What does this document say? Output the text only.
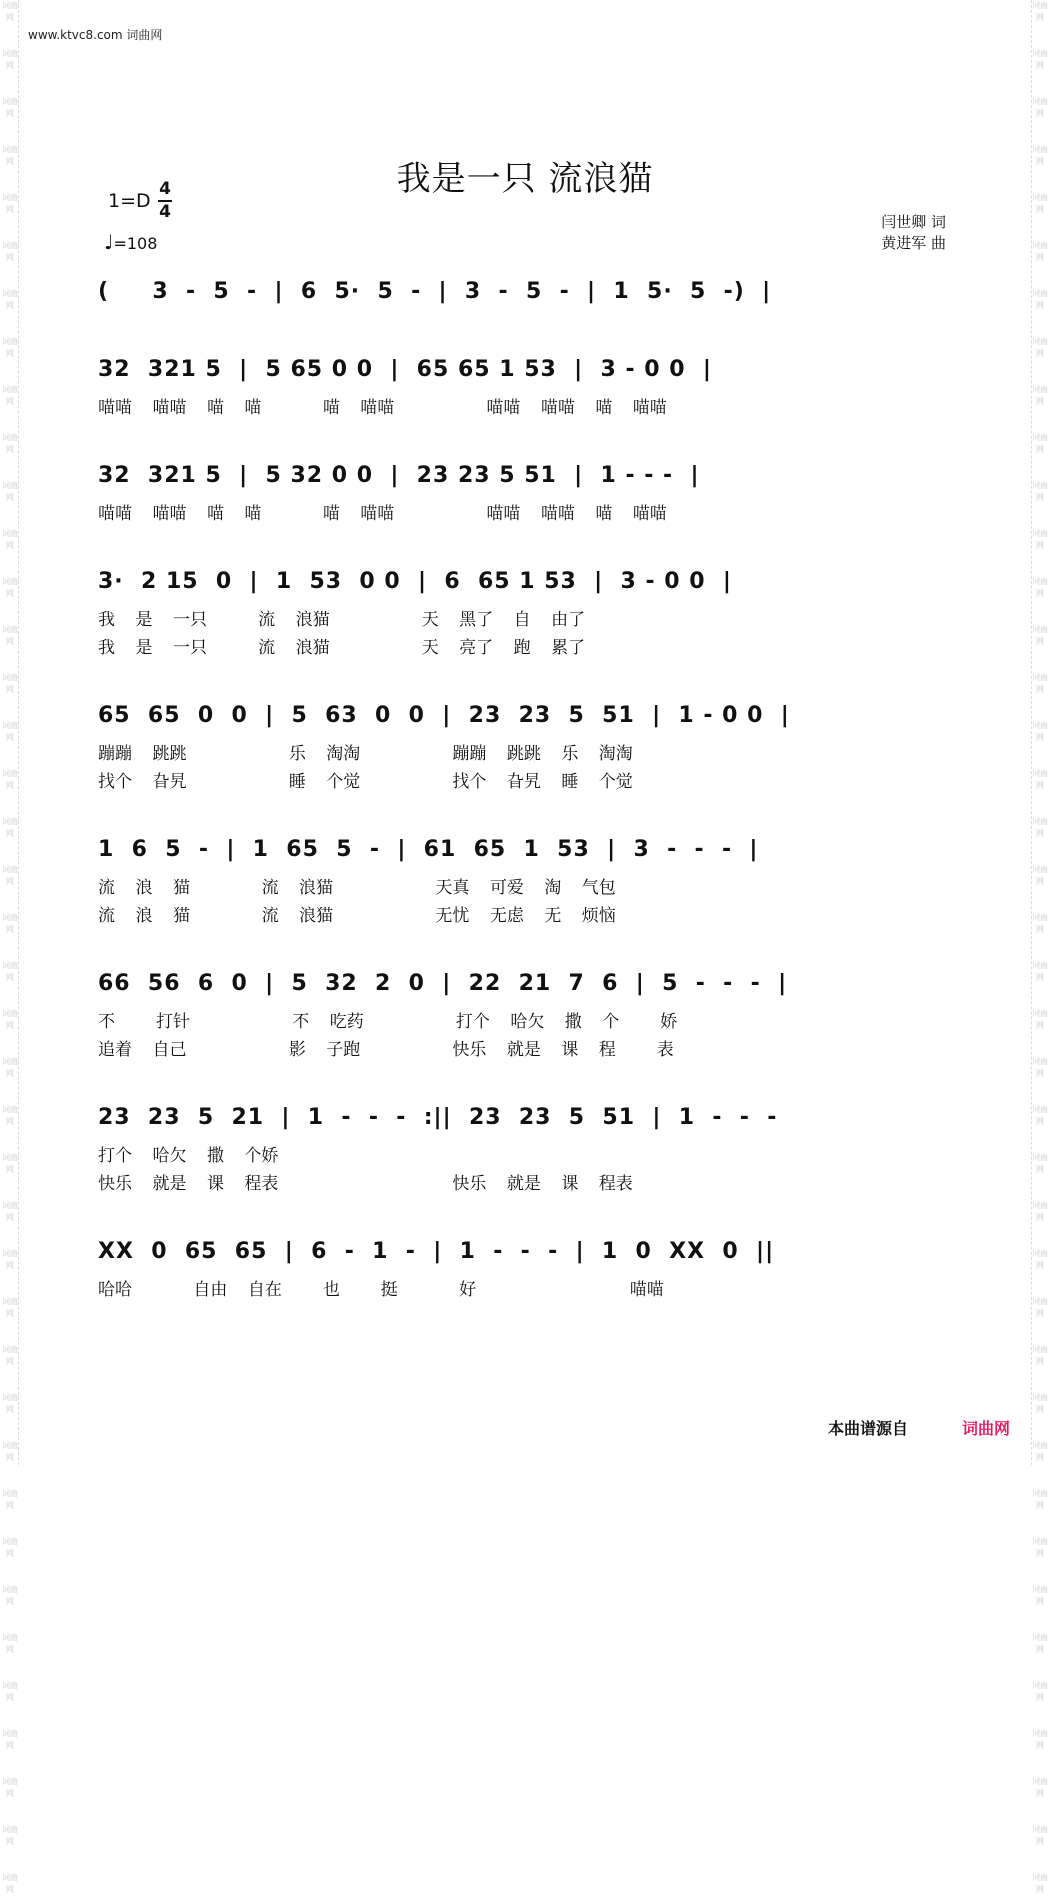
词曲网
词曲网
词曲网
词曲网
词曲网
词曲网
词曲网
词曲网
词曲网
词曲网
词曲网
词曲网
词曲网
词曲网
词曲网
词曲网
词曲网
词曲网
词曲网
词曲网
词曲网
词曲网
词曲网
词曲网
词曲网
词曲网
词曲网
词曲网
词曲网
词曲网
词曲网
词曲网
词曲网
词曲网
词曲网
词曲网
词曲网
词曲网
词曲网
词曲网
词曲网
词曲网
词曲网
词曲网
词曲网
词曲网
词曲网
词曲网
词曲网
词曲网
词曲网
词曲网
词曲网
词曲网
词曲网
词曲网
词曲网
词曲网
词曲网
词曲网
词曲网
词曲网
词曲网
词曲网
词曲网
词曲网
词曲网
词曲网
词曲网
词曲网
词曲网
词曲网
词曲网
词曲网
词曲网
词曲网
词曲网
词曲网
词曲网
词曲网
www.ktvc8.com 词曲网
我是一只 流浪猫
1=D
4
4
♩=108
闫世卿 词
黄进军 曲
(     3  -  5  -  |  6  5·  5  -  |  3  -  5  -  |  1  5·  5  -)  |
32  321 5  |  5 65 0 0  |  65 65 1 53  |  3 - 0 0  |
喵喵  喵喵  喵  喵      喵  喵喵         喵喵  喵喵  喵  喵喵
32  321 5  |  5 32 0 0  |  23 23 5 51  |  1 - - -  |
喵喵  喵喵  喵  喵      喵  喵喵         喵喵  喵喵  喵  喵喵
3·  2 15  0  |  1  53  0 0  |  6  65 1 53  |  3 - 0 0  |
我  是  一只     流  浪猫         天  黑了  自  由了
我  是  一只     流  浪猫         天  亮了  跑  累了
65  65  0  0  |  5  63  0  0  |  23  23  5  51  |  1 - 0 0  |
蹦蹦  跳跳          乐  淘淘         蹦蹦  跳跳  乐  淘淘
找个  旮旯          睡  个觉         找个  旮旯  睡  个觉
1  6  5  -  |  1  65  5  -  |  61  65  1  53  |  3  -  -  -  |
流  浪  猫       流  浪猫          天真  可爱  淘  气包
流  浪  猫       流  浪猫          无忧  无虑  无  烦恼
66  56  6  0  |  5  32  2  0  |  22  21  7  6  |  5  -  -  -  |
不    打针          不  吃药         打个  哈欠  撒  个    娇
追着  自己          影  子跑         快乐  就是  课  程    表
23  23  5  21  |  1  -  -  -  :||  23  23  5  51  |  1  -  -  -
打个  哈欠  撒  个娇
快乐  就是  课  程表                 快乐  就是  课  程表
XX  0  65  65  |  6  -  1  -  |  1  -  -  -  |  1  0  XX  0  ||
哈哈      自由  自在    也    挺      好               喵喵
本曲谱源自	词曲网
